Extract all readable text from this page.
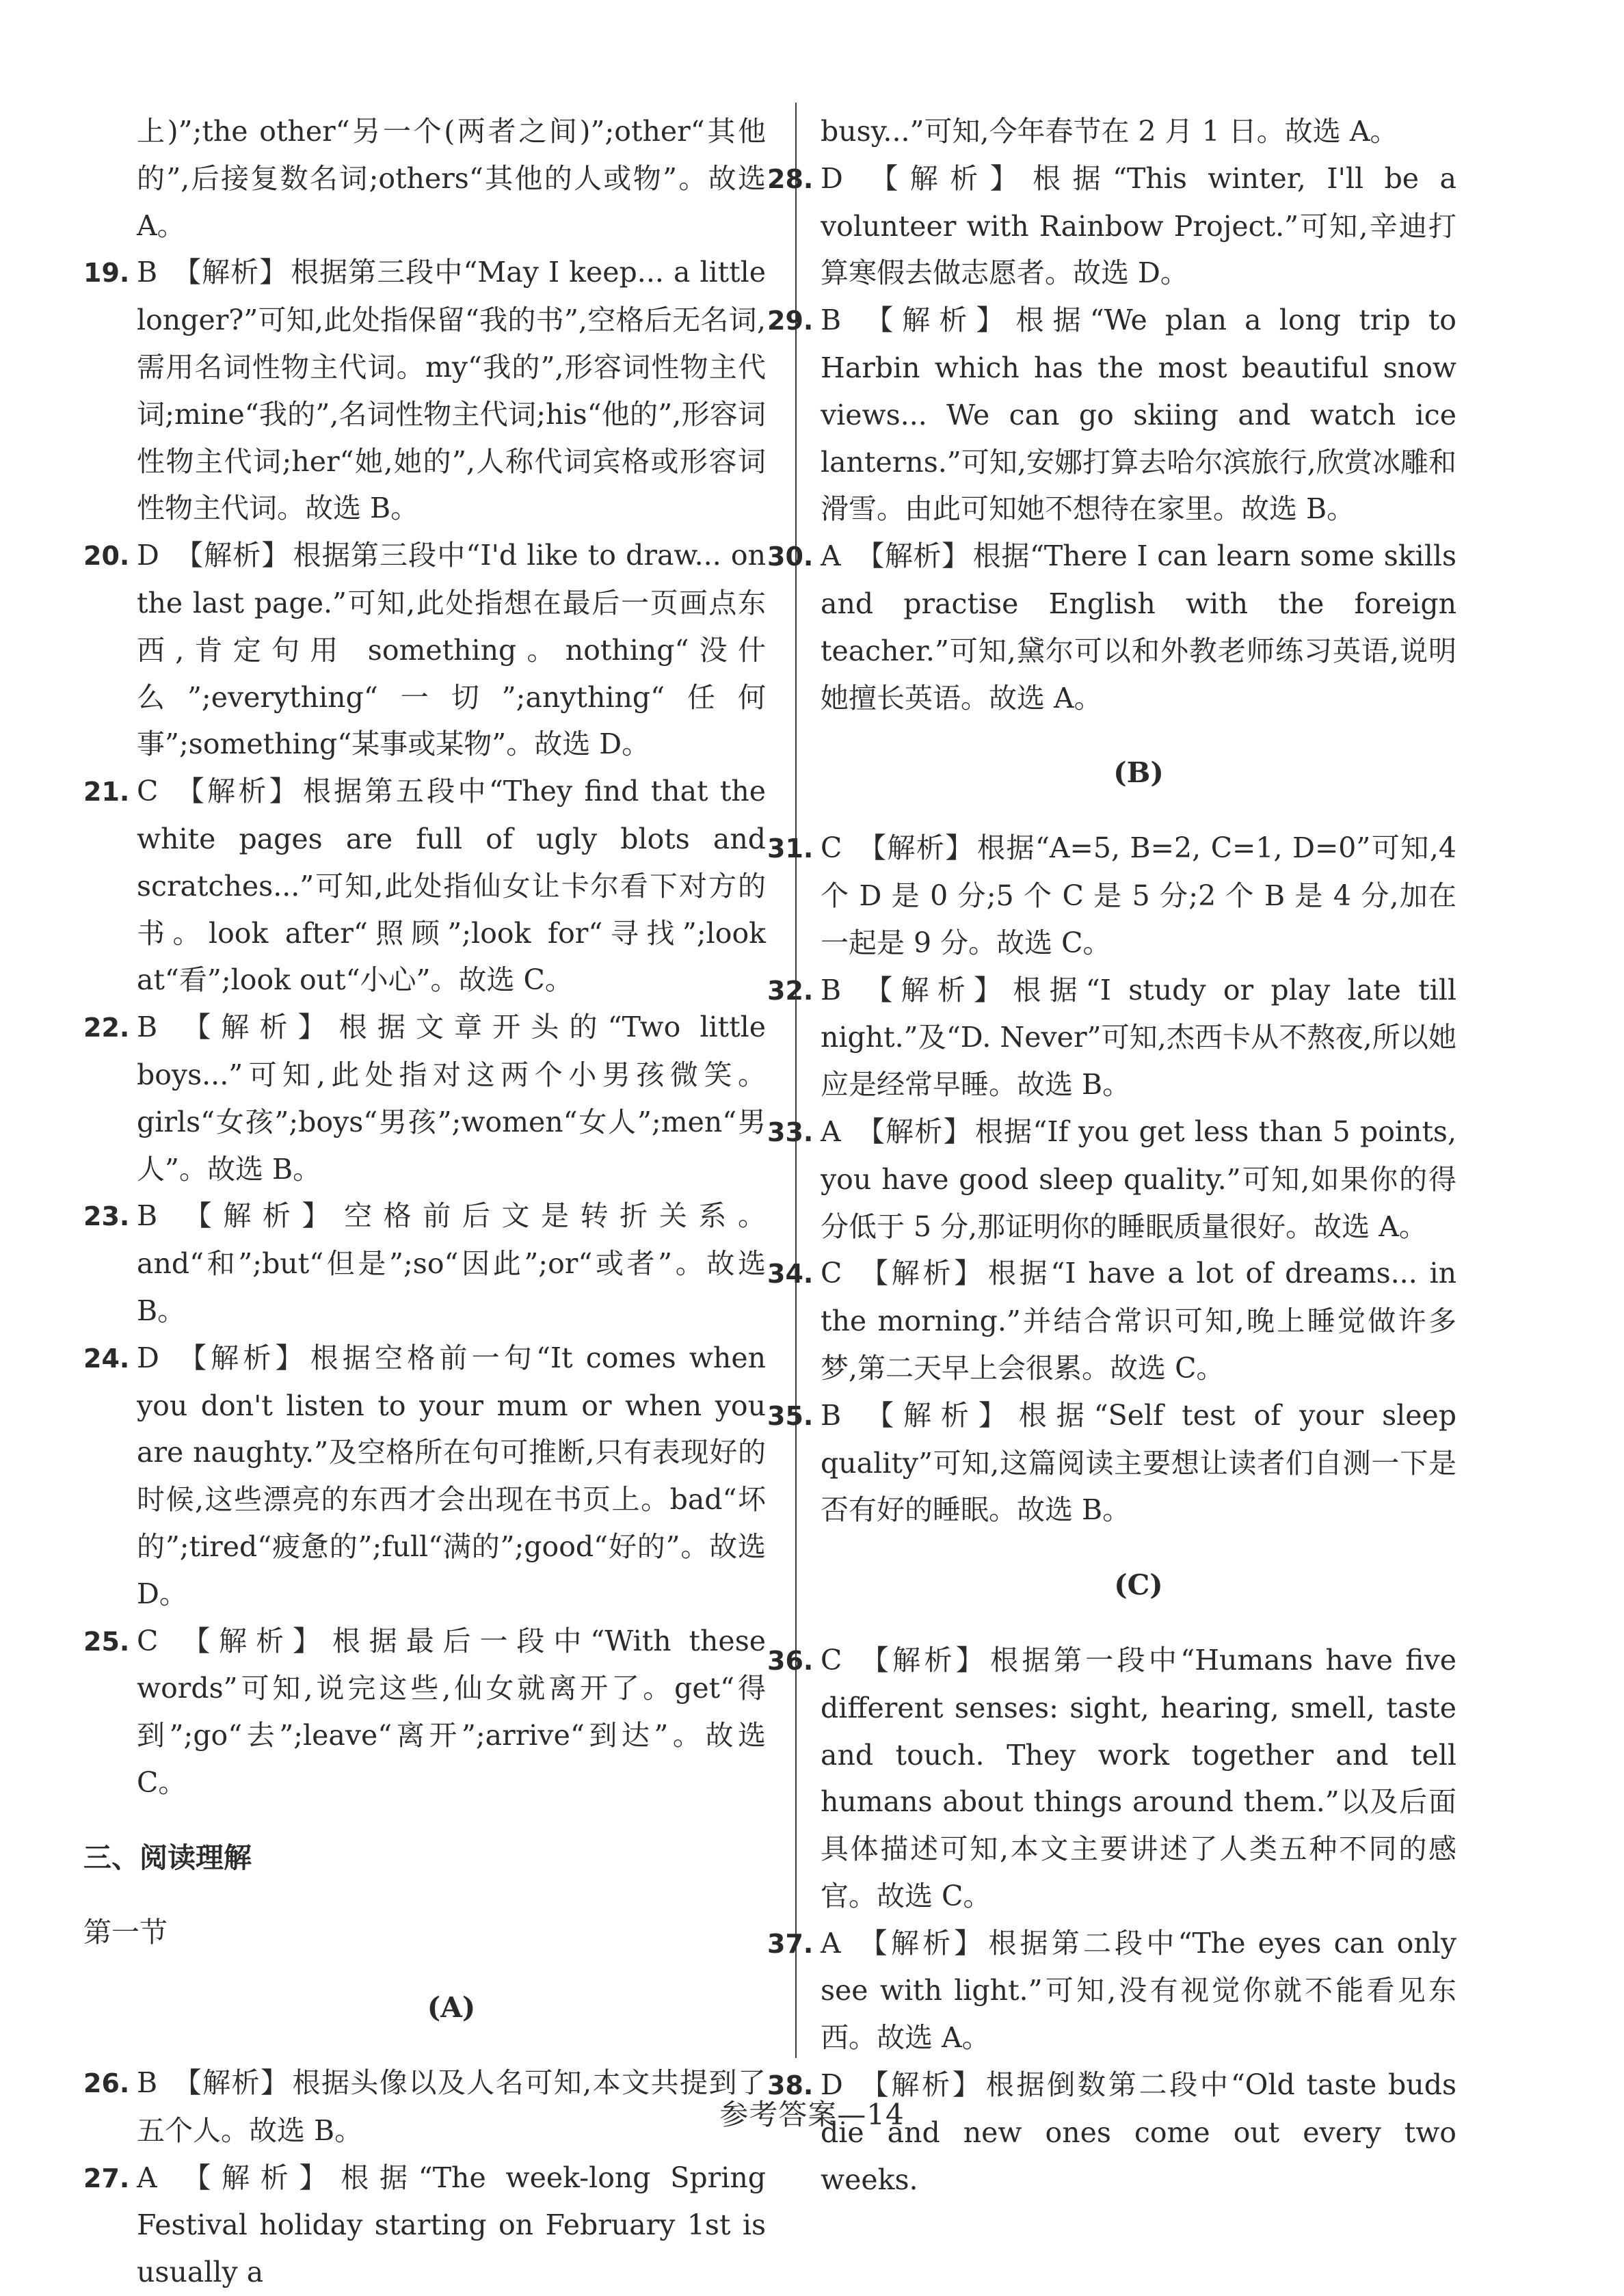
上)”;the other“另一个(两者之间)”;other“其他的”,后接复数名词;others“其他的人或物”。故选 A。

19. B 【解析】根据第三段中“May I keep... a little longer?”可知,此处指保留“我的书”,空格后无名词,需用名词性物主代词。my“我的”,形容词性物主代词;mine“我的”,名词性物主代词;his“他的”,形容词性物主代词;her“她,她的”,人称代词宾格或形容词性物主代词。故选 B。

20. D 【解析】根据第三段中“I'd like to draw... on the last page.”可知,此处指想在最后一页画点东西,肯定句用 something。nothing“没什么”;everything“一切”;anything“任何事”;something“某事或某物”。故选 D。

21. C 【解析】根据第五段中“They find that the white pages are full of ugly blots and scratches...”可知,此处指仙女让卡尔看下对方的书。look after“照顾”;look for“寻找”;look at“看”;look out“小心”。故选 C。

22. B 【解析】根据文章开头的“Two little boys...”可知,此处指对这两个小男孩微笑。girls“女孩”;boys“男孩”;women“女人”;men“男人”。故选 B。

23. B 【解析】空格前后文是转折关系。and“和”;but“但是”;so“因此”;or“或者”。故选 B。

24. D 【解析】根据空格前一句“It comes when you don't listen to your mum or when you are naughty.”及空格所在句可推断,只有表现好的时候,这些漂亮的东西才会出现在书页上。bad“坏的”;tired“疲惫的”;full“满的”;good“好的”。故选 D。

25. C 【解析】根据最后一段中“With these words”可知,说完这些,仙女就离开了。get“得到”;go“去”;leave“离开”;arrive“到达”。故选 C。

三、阅读理解

第一节

(A)

26. B 【解析】根据头像以及人名可知,本文共提到了五个人。故选 B。

27. A 【解析】根据“The week-long Spring Festival holiday starting on February 1st is usually a

busy...”可知,今年春节在 2 月 1 日。故选 A。

28. D 【解析】根据“This winter, I'll be a volunteer with Rainbow Project.”可知,辛迪打算寒假去做志愿者。故选 D。

29. B 【解析】根据“We plan a long trip to Harbin which has the most beautiful snow views... We can go skiing and watch ice lanterns.”可知,安娜打算去哈尔滨旅行,欣赏冰雕和滑雪。由此可知她不想待在家里。故选 B。

30. A 【解析】根据“There I can learn some skills and practise English with the foreign teacher.”可知,黛尔可以和外教老师练习英语,说明她擅长英语。故选 A。

(B)

31. C 【解析】根据“A=5, B=2, C=1, D=0”可知,4 个 D 是 0 分;5 个 C 是 5 分;2 个 B 是 4 分,加在一起是 9 分。故选 C。

32. B 【解析】根据“I study or play late till night.”及“D. Never”可知,杰西卡从不熬夜,所以她应是经常早睡。故选 B。

33. A 【解析】根据“If you get less than 5 points, you have good sleep quality.”可知,如果你的得分低于 5 分,那证明你的睡眠质量很好。故选 A。

34. C 【解析】根据“I have a lot of dreams... in the morning.”并结合常识可知,晚上睡觉做许多梦,第二天早上会很累。故选 C。

35. B 【解析】根据“Self test of your sleep quality”可知,这篇阅读主要想让读者们自测一下是否有好的睡眠。故选 B。

(C)

36. C 【解析】根据第一段中“Humans have five different senses: sight, hearing, smell, taste and touch. They work together and tell humans about things around them.”以及后面具体描述可知,本文主要讲述了人类五种不同的感官。故选 C。

37. A 【解析】根据第二段中“The eyes can only see with light.”可知,没有视觉你就不能看见东西。故选 A。

38. D 【解析】根据倒数第二段中“Old taste buds die and new ones come out every two weeks.

参考答案—14
